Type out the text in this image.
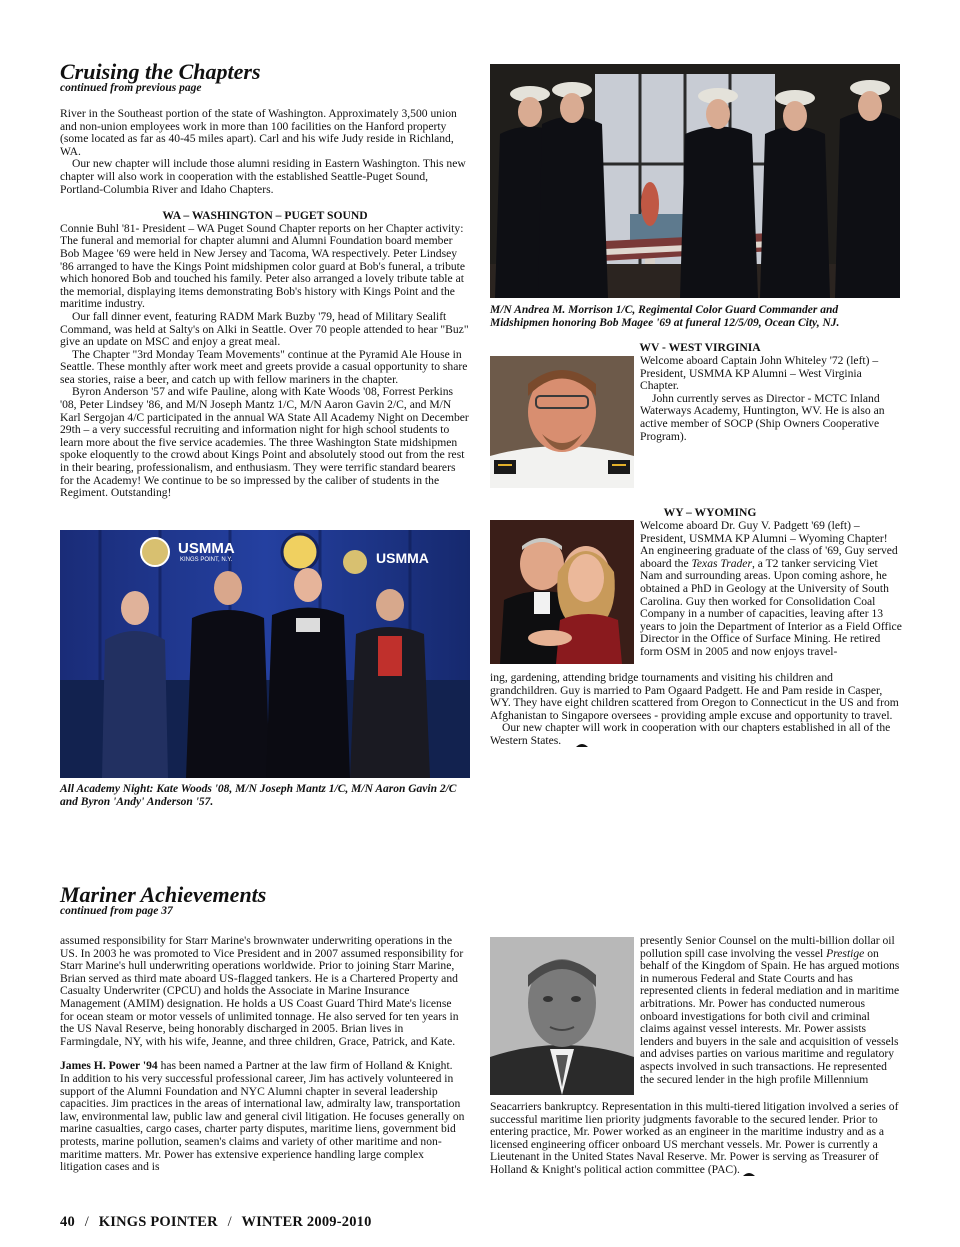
Cruising the Chapters
continued from previous page

River in the Southeast portion of the state of Washington. Approximately 3,500 union and non-union employees work in more than 100 facilities on the Hanford property (some located as far as 40-45 miles apart). Carl and his wife Judy reside in Richland, WA.

Our new chapter will include those alumni residing in Eastern Washington. This new chapter will also work in cooperation with the established Seattle-Puget Sound, Portland-Columbia River and Idaho Chapters.

WA – WASHINGTON – PUGET SOUND

Connie Buhl '81- President – WA Puget Sound Chapter reports on her Chapter activity: The funeral and memorial for chapter alumni and Alumni Foundation board member Bob Magee '69 were held in New Jersey and Tacoma, WA respectively. Peter Lindsey '86 arranged to have the Kings Point midshipmen color guard at Bob's funeral, a tribute which honored Bob and touched his family. Peter also arranged a lovely tribute table at the memorial, displaying items demonstrating Bob's history with Kings Point and the maritime industry.

Our fall dinner event, featuring RADM Mark Buzby '79, head of Military Sealift Command, was held at Salty's on Alki in Seattle. Over 70 people attended to hear "Buz" give an update on MSC and enjoy a great meal.

The Chapter "3rd Monday Team Movements" continue at the Pyramid Ale House in Seattle. These monthly after work meet and greets provide a casual opportunity to share sea stories, raise a beer, and catch up with fellow mariners in the chapter.

Byron Anderson '57 and wife Pauline, along with Kate Woods '08, Forrest Perkins '08, Peter Lindsey '86, and M/N Joseph Mantz 1/C, M/N Aaron Gavin 2/C, and M/N Karl Sergojan 4/C participated in the annual WA State All Academy Night on December 29th – a very successful recruiting and information night for high school students to learn more about the five service academies. The three Washington State midshipmen spoke eloquently to the crowd about Kings Point and absolutely stood out from the rest in their bearing, professionalism, and enthusiasm. They were terrific standard bearers for the Academy! We continue to be so impressed by the caliber of students in the Regiment. Outstanding!

USMMA
KINGS POINT, N.Y.	USMMA
All Academy Night: Kate Woods '08, M/N Joseph Mantz 1/C, M/N Aaron Gavin 2/C and Byron 'Andy' Anderson '57.
M/N Andrea M. Morrison 1/C, Regimental Color Guard Commander and Midshipmen honoring Bob Magee '69 at funeral 12/5/09, Ocean City, NJ.
WV - WEST VIRGINIA

Welcome aboard Captain John Whiteley '72 (left) – President, USMMA KP Alumni – West Virginia Chapter.

John currently serves as Director - MCTC Inland Waterways Academy, Huntington, WV. He is also an active member of SOCP (Ship Owners Cooperative Program).

WY – WYOMING

Welcome aboard Dr. Guy V. Padgett '69 (left) – President, USMMA KP Alumni – Wyoming Chapter! An engineering graduate of the class of '69, Guy served aboard the Texas Trader, a T2 tanker servicing Viet Nam and surrounding areas. Upon coming ashore, he obtained a PhD in Geology at the University of South Carolina. Guy then worked for Consolidation Coal Company in a number of capacities, leaving after 13 years to join the Department of Interior as a Field Office Director in the Office of Surface Mining. He retired form OSM in 2005 and now enjoys travel-

ing, gardening, attending bridge tournaments and visiting his children and grandchildren. Guy is married to Pam Ogaard Padgett. He and Pam reside in Casper, WY. They have eight children scattered from Oregon to Connecticut in the US and from Afghanistan to Singapore oversees - providing ample excuse and opportunity to travel.

Our new chapter will work in cooperation with our chapters established in all of the Western States.

Mariner Achievements
continued from page 37

assumed responsibility for Starr Marine's brownwater underwriting operations in the US. In 2003 he was promoted to Vice President and in 2007 assumed responsibility for Starr Marine's hull underwriting operations worldwide. Prior to joining Starr Marine, Brian served as third mate aboard US-flagged tankers. He is a Chartered Property and Casualty Underwriter (CPCU) and holds the Associate in Marine Insurance Management (AMIM) designation. He holds a US Coast Guard Third Mate's license for ocean steam or motor vessels of unlimited tonnage. He also served for ten years in the US Naval Reserve, being honorably discharged in 2005. Brian lives in Farmingdale, NY, with his wife, Jeanne, and three children, Grace, Patrick, and Kate.

James H. Power '94 has been named a Partner at the law firm of Holland & Knight. In addition to his very successful professional career, Jim has actively volunteered in support of the Alumni Foundation and NYC Alumni chapter in several leadership capacities. Jim practices in the areas of international law, admiralty law, transportation law, environmental law, public law and general civil litigation. He focuses generally on marine casualties, cargo cases, charter party disputes, maritime liens, government bid protests, marine pollution, seamen's claims and variety of other maritime and non-maritime matters. Mr. Power has extensive experience handling large complex litigation cases and is

presently Senior Counsel on the multi-billion dollar oil pollution spill case involving the vessel Prestige on behalf of the Kingdom of Spain. He has argued motions in numerous Federal and State Courts and has represented clients in federal mediation and in maritime arbitrations. Mr. Power has conducted numerous onboard investigations for both civil and criminal claims against vessel interests. Mr. Power assists lenders and buyers in the sale and acquisition of vessels and advises parties on various maritime and regulatory aspects involved in such transactions. He represented the secured lender in the high profile Millennium

Seacarriers bankruptcy. Representation in this multi-tiered litigation involved a series of successful maritime lien priority judgments favorable to the secured lender. Prior to entering practice, Mr. Power worked as an engineer in the maritime industry and as a licensed engineering officer onboard US merchant vessels. Mr. Power is currently a Lieutenant in the United States Naval Reserve. Mr. Power is serving as Treasurer of Holland & Knight's political action committee (PAC).

40 / KINGS POINTER / WINTER 2009-2010
